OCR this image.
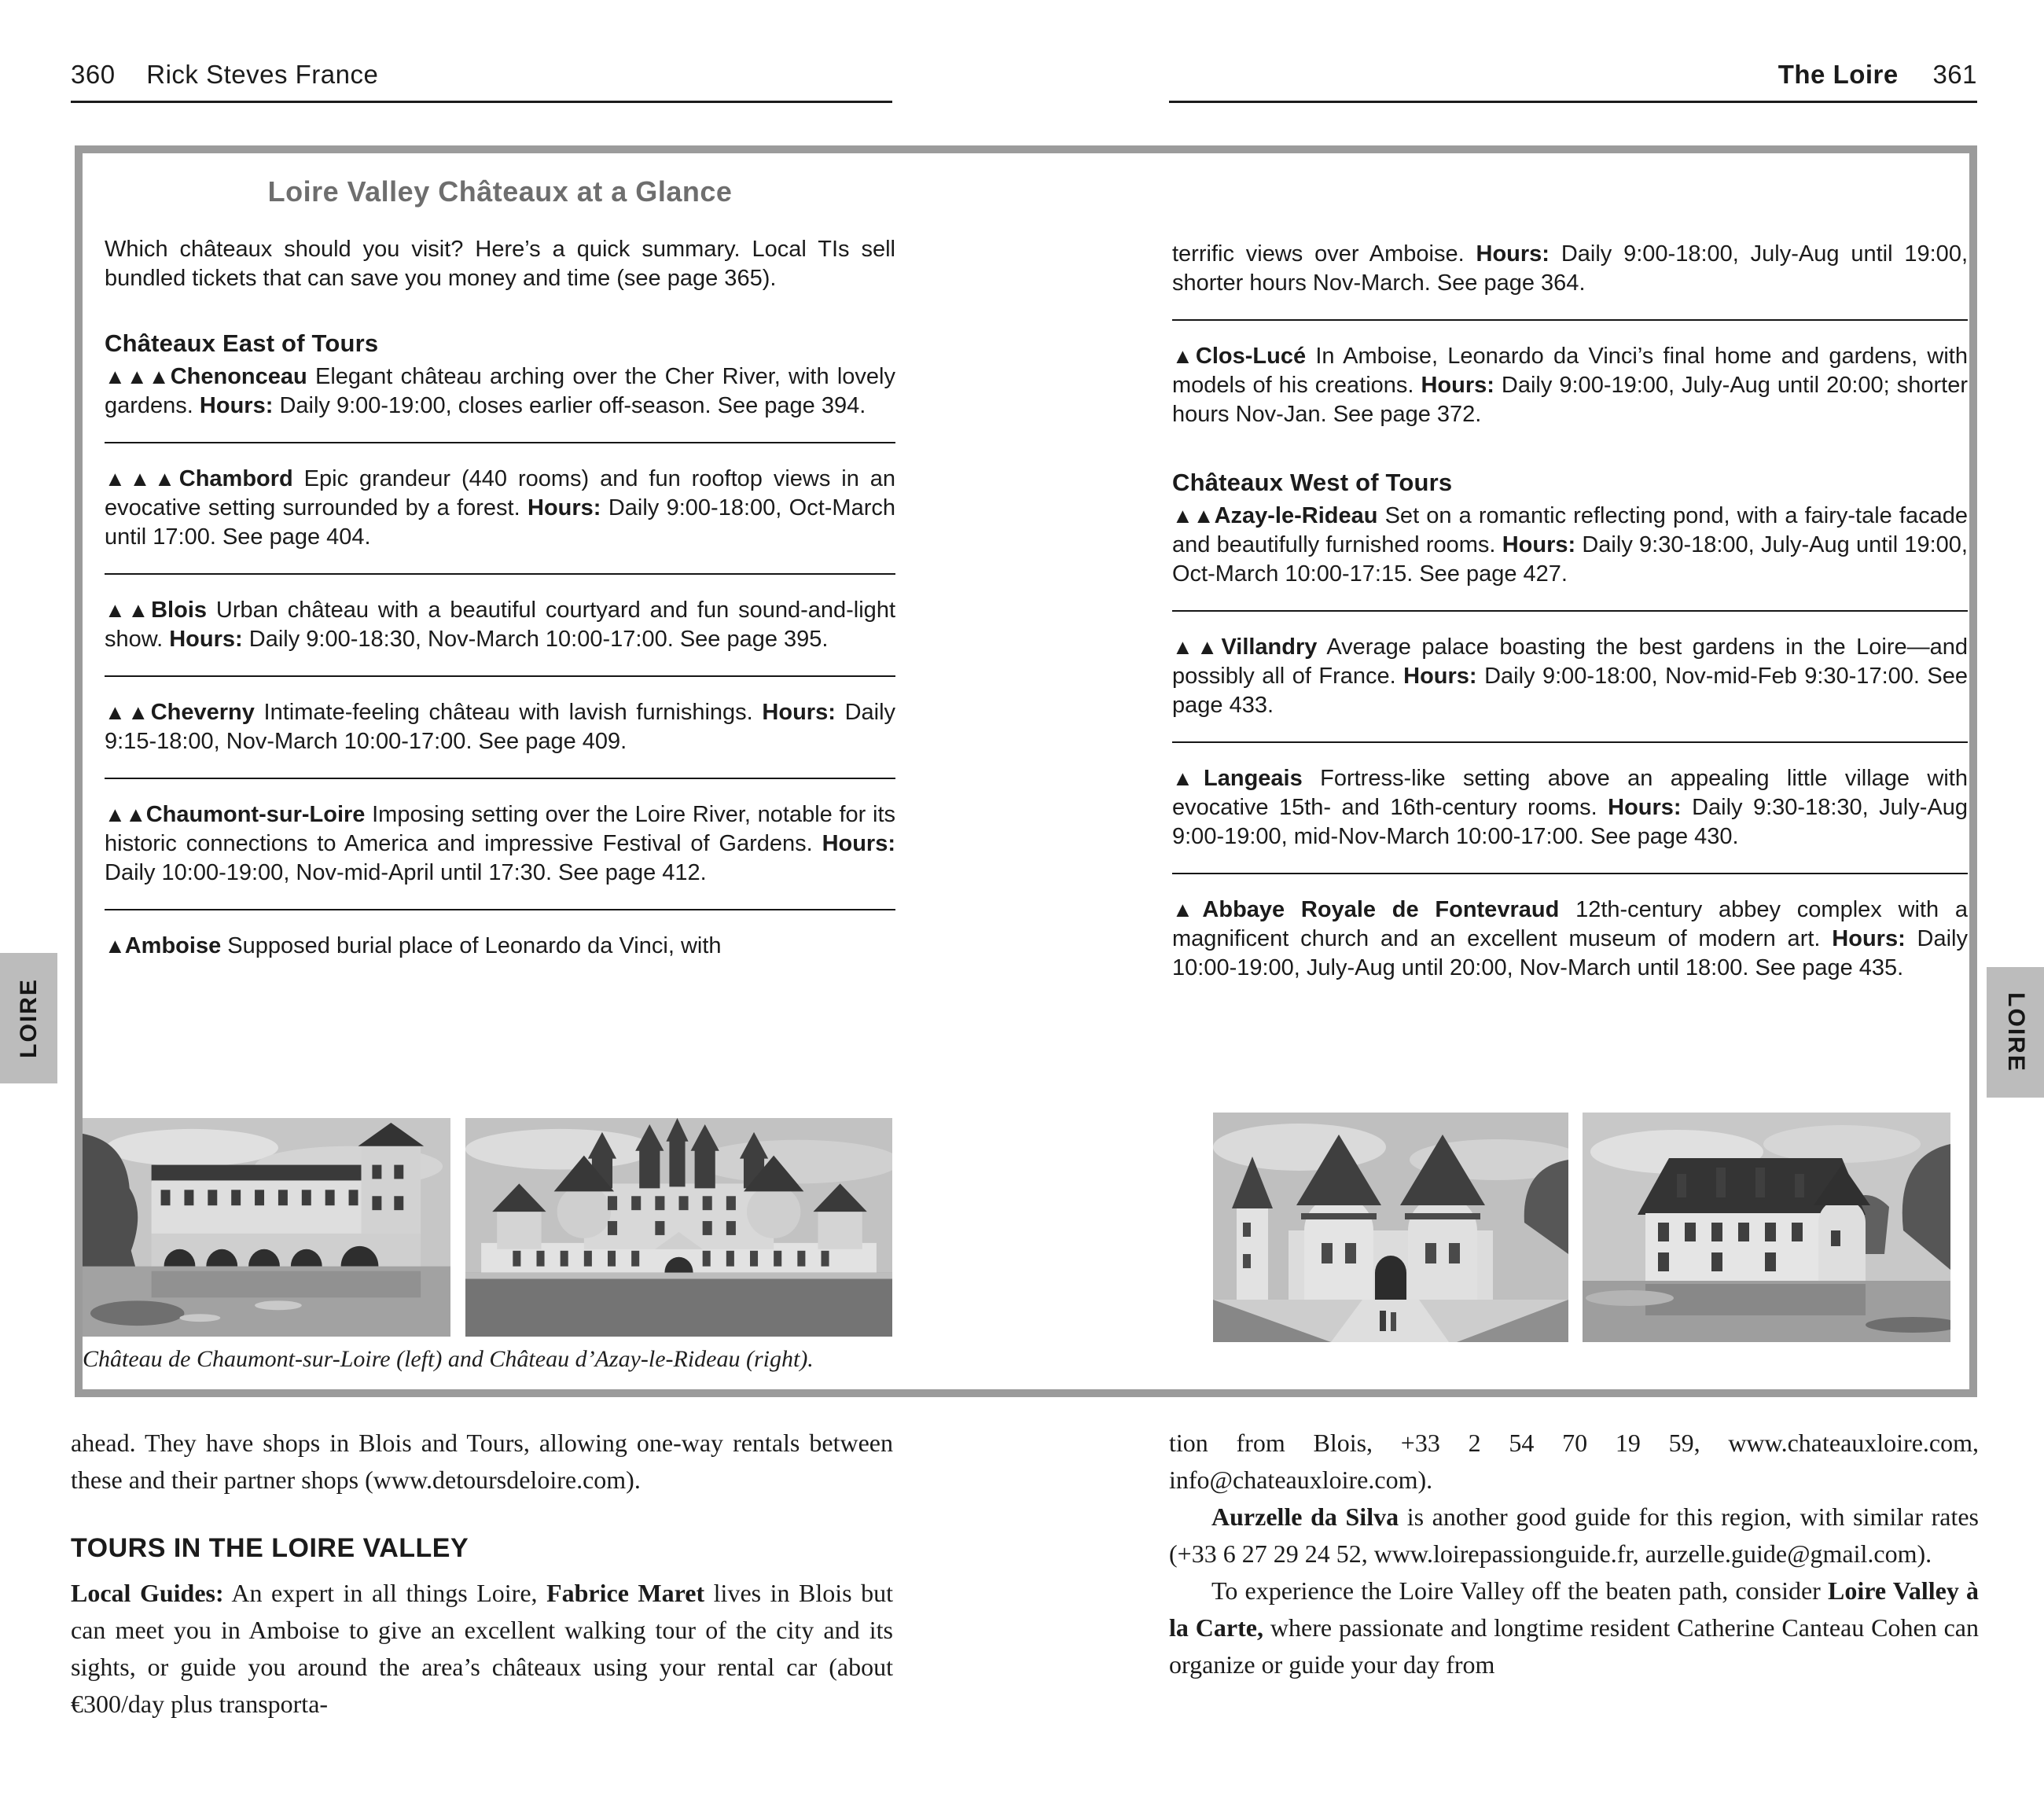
360 Rick Steves France	The Loire 361
Loire Valley Châteaux at a Glance

Which châteaux should you visit? Here’s a quick summary. Local TIs sell bundled tickets that can save you money and time (see page 365).

Châteaux East of Tours

▲▲▲Chenonceau Elegant château arching over the Cher River, with lovely gardens. Hours: Daily 9:00-19:00, closes earlier off-season. See page 394.

▲▲▲Chambord Epic grandeur (440 rooms) and fun rooftop views in an evocative setting surrounded by a forest. Hours: Daily 9:00-18:00, Oct-March until 17:00. See page 404.

▲▲Blois Urban château with a beautiful courtyard and fun sound-and-light show. Hours: Daily 9:00-18:30, Nov-March 10:00-17:00. See page 395.

▲▲Cheverny Intimate-feeling château with lavish furnishings. Hours: Daily 9:15-18:00, Nov-March 10:00-17:00. See page 409.

▲▲Chaumont-sur-Loire Imposing setting over the Loire River, notable for its historic connections to America and impressive Festival of Gardens. Hours: Daily 10:00-19:00, Nov-mid-April until 17:30. See page 412.

▲Amboise Supposed burial place of Leonardo da Vinci, with

terrific views over Amboise. Hours: Daily 9:00-18:00, July-Aug until 19:00, shorter hours Nov-March. See page 364.

▲Clos-Lucé In Amboise, Leonardo da Vinci’s final home and gardens, with models of his creations. Hours: Daily 9:00-19:00, July-Aug until 20:00; shorter hours Nov-Jan. See page 372.

Châteaux West of Tours

▲▲Azay-le-Rideau Set on a romantic reflecting pond, with a fairy-tale facade and beautifully furnished rooms. Hours: Daily 9:30-18:00, July-Aug until 19:00, Oct-March 10:00-17:15. See page 427.

▲▲Villandry Average palace boasting the best gardens in the Loire—and possibly all of France. Hours: Daily 9:00-18:00, Nov-mid-Feb 9:30-17:00. See page 433.

▲Langeais Fortress-like setting above an appealing little village with evocative 15th- and 16th-century rooms. Hours: Daily 9:30-18:30, July-Aug 9:00-19:00, mid-Nov-March 10:00-17:00. See page 430.

▲Abbaye Royale de Fontevraud 12th-century abbey complex with a magnificent church and an excellent museum of modern art. Hours: Daily 10:00-19:00, July-Aug until 20:00, Nov-March until 18:00. See page 435.

Château de Chaumont-sur-Loire (left) and Château d’Azay-le-Rideau (right).
LOIRE	LOIRE

ahead. They have shops in Blois and Tours, allowing one-way rentals between these and their partner shops (www.detoursdeloire.com).

TOURS IN THE LOIRE VALLEY

Local Guides: An expert in all things Loire, Fabrice Maret lives in Blois but can meet you in Amboise to give an excellent walking tour of the city and its sights, or guide you around the area’s châteaux using your rental car (about €300/day plus transporta-

tion from Blois, +33 2 54 70 19 59, www.chateauxloire.com, info@chateauxloire.com).

Aurzelle da Silva is another good guide for this region, with similar rates (+33 6 27 29 24 52, www.loirepassionguide.fr, aurzelle.guide@gmail.com).

To experience the Loire Valley off the beaten path, consider Loire Valley à la Carte, where passionate and longtime resident Catherine Canteau Cohen can organize or guide your day from
